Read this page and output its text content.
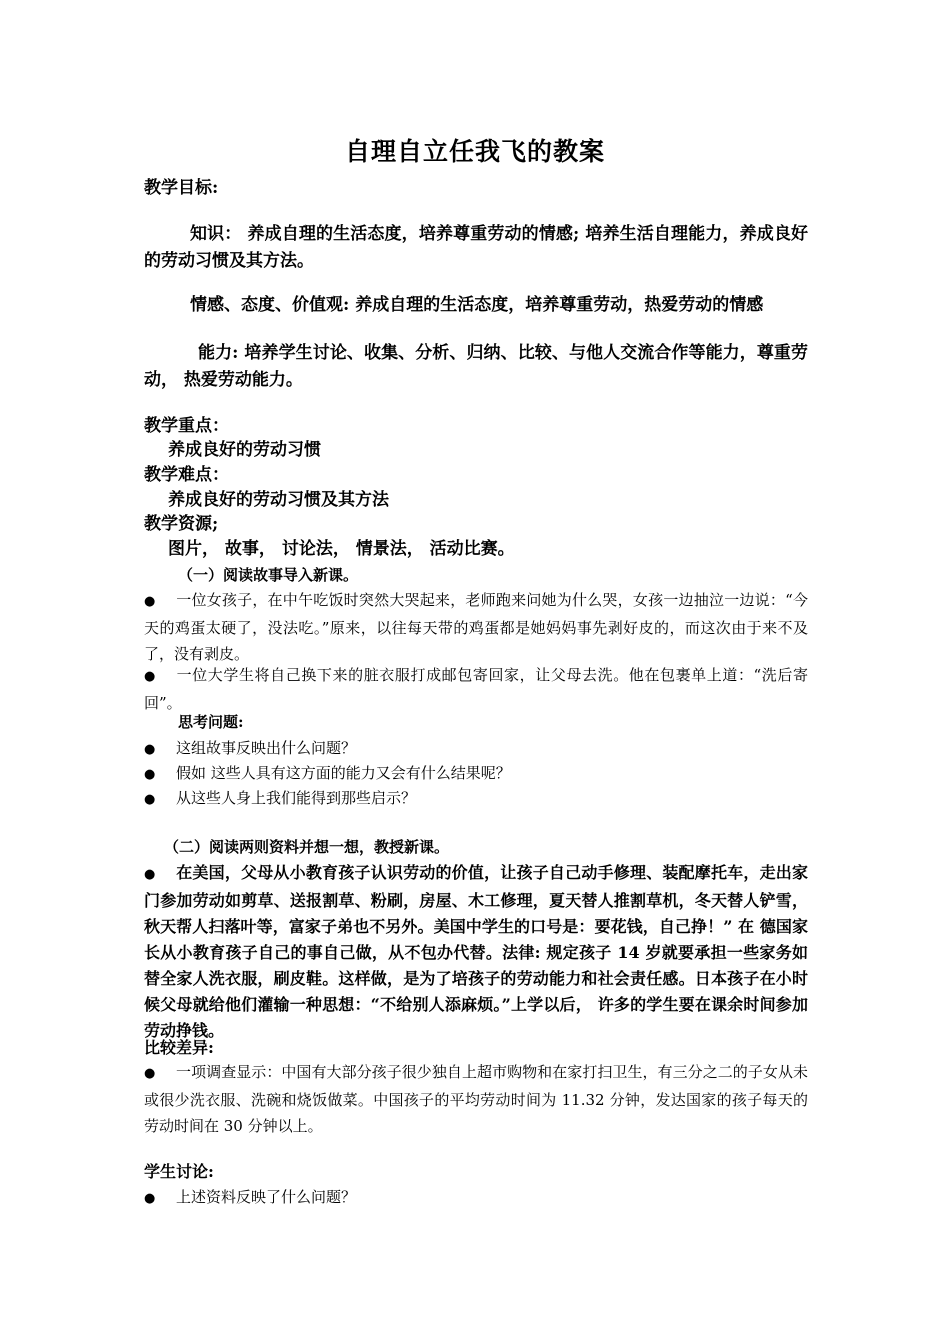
自理自立任我飞的教案
教学目标:
知识： 养成自理的生活态度，培养尊重劳动的情感; 培养生活自理能力，养成良好的劳动习惯及其方法。
情感、态度、价值观: 养成自理的生活态度，培养尊重劳动，热爱劳动的情感
能力: 培养学生讨论、收集、分析、归纳、比较、与他人交流合作等能力，尊重劳动， 热爱劳动能力。
教学重点：
养成良好的劳动习惯
教学难点：
养成良好的劳动习惯及其方法
教学资源;
图片， 故事， 讨论法， 情景法， 活动比赛。
（一）阅读故事导入新课。
● 一位女孩子，在中午吃饭时突然大哭起来，老师跑来问她为什么哭，女孩一边抽泣一边说：“今天的鸡蛋太硬了，没法吃。”原来，以往每天带的鸡蛋都是她妈妈事先剥好皮的，而这次由于来不及了，没有剥皮。
● 一位大学生将自己换下来的脏衣服打成邮包寄回家，让父母去洗。他在包裹单上道：“洗后寄回”。
思考问题:
● 这组故事反映出什么问题？
● 假如 这些人具有这方面的能力又会有什么结果呢？
● 从这些人身上我们能得到那些启示？
（二）阅读两则资料并想一想，教授新课。
● 在美国，父母从小教育孩子认识劳动的价值，让孩子自己动手修理、装配摩托车，走出家门参加劳动如剪草、送报割草、粉刷，房屋、木工修理，夏天替人推割草机，冬天替人铲雪，秋天帮人扫落叶等，富家子弟也不另外。美国中学生的口号是：要花钱，自己挣！” 在 德国家长从小教育孩子自己的事自己做，从不包办代替。法律: 规定孩子 14 岁就要承担一些家务如替全家人洗衣服，刷皮鞋。这样做，是为了培孩子的劳动能力和社会责任感。日本孩子在小时候父母就给他们灌输一种思想：“不给别人添麻烦。”上学以后， 许多的学生要在课余时间参加劳动挣钱。
比较差异:
● 一项调查显示：中国有大部分孩子很少独自上超市购物和在家打扫卫生，有三分之二的子女从未或很少洗衣服、洗碗和烧饭做菜。中国孩子的平均劳动时间为 11.32 分钟，发达国家的孩子每天的劳动时间在 30 分钟以上。
学生讨论:
● 上述资料反映了什么问题？
